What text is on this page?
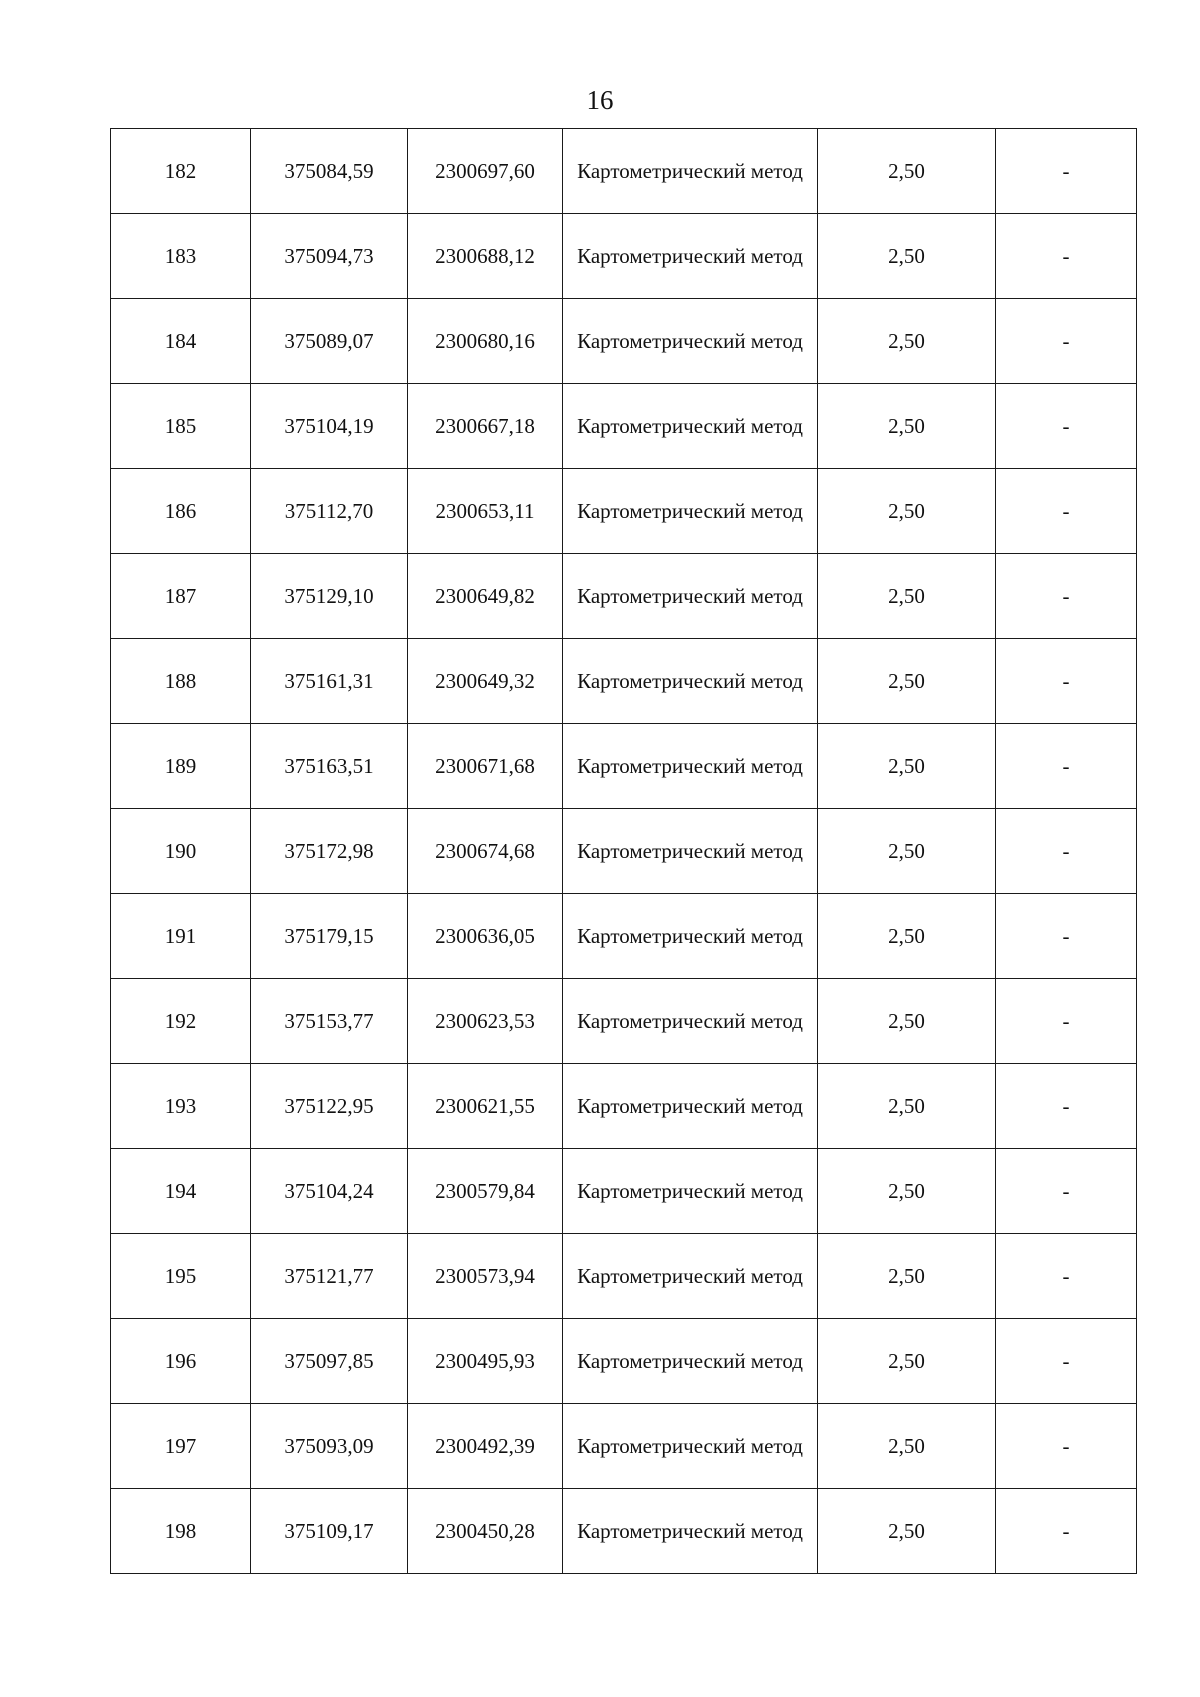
16
182	375084,59	2300697,60	Картометрический метод	2,50	-
183	375094,73	2300688,12	Картометрический метод	2,50	-
184	375089,07	2300680,16	Картометрический метод	2,50	-
185	375104,19	2300667,18	Картометрический метод	2,50	-
186	375112,70	2300653,11	Картометрический метод	2,50	-
187	375129,10	2300649,82	Картометрический метод	2,50	-
188	375161,31	2300649,32	Картометрический метод	2,50	-
189	375163,51	2300671,68	Картометрический метод	2,50	-
190	375172,98	2300674,68	Картометрический метод	2,50	-
191	375179,15	2300636,05	Картометрический метод	2,50	-
192	375153,77	2300623,53	Картометрический метод	2,50	-
193	375122,95	2300621,55	Картометрический метод	2,50	-
194	375104,24	2300579,84	Картометрический метод	2,50	-
195	375121,77	2300573,94	Картометрический метод	2,50	-
196	375097,85	2300495,93	Картометрический метод	2,50	-
197	375093,09	2300492,39	Картометрический метод	2,50	-
198	375109,17	2300450,28	Картометрический метод	2,50	-
